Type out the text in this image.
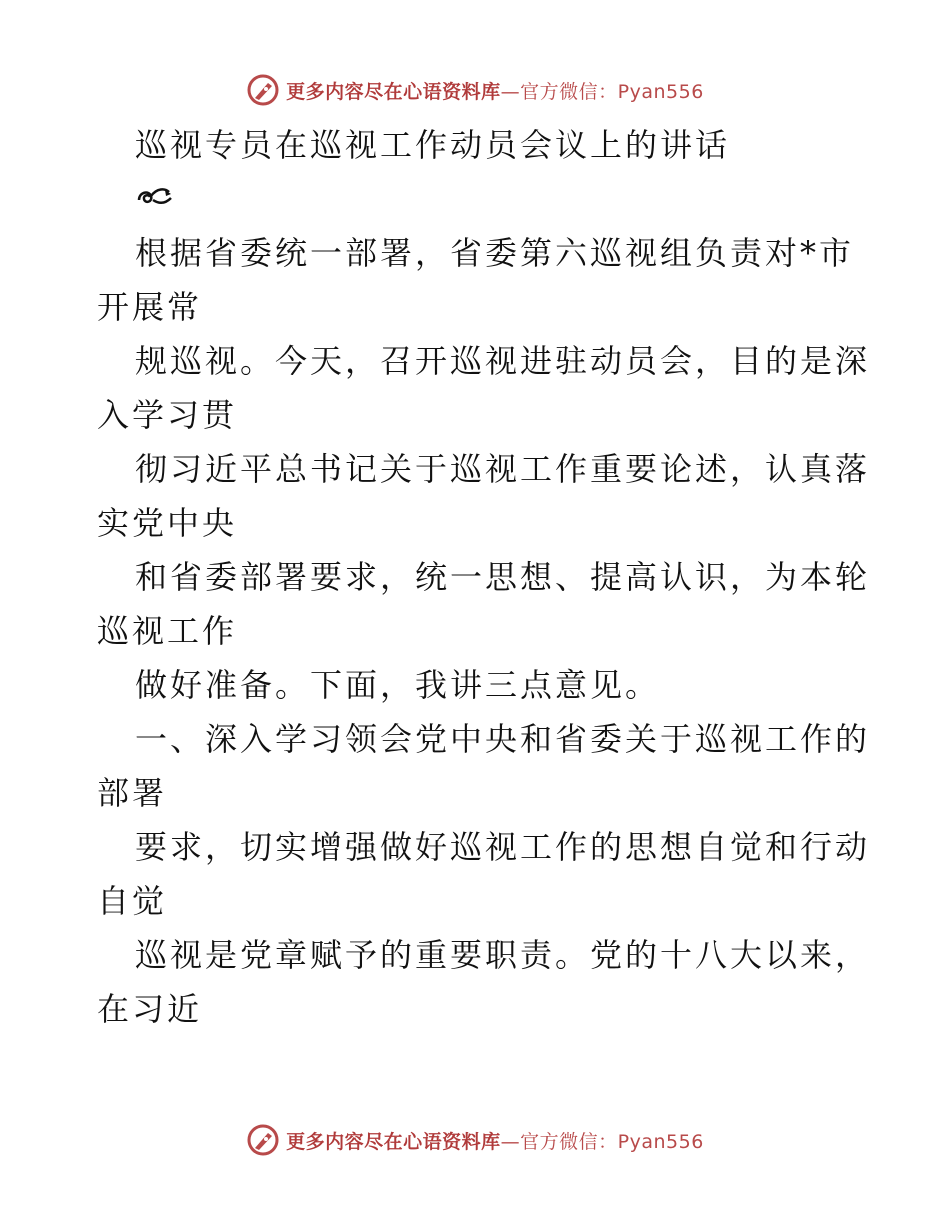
更多内容尽在心语资料库—官方微信：Pyan556
巡视专员在巡视工作动员会议上的讲话
根据省委统一部署，省委第六巡视组负责对*市
开展常
规巡视。今天，召开巡视进驻动员会，目的是深
入学习贯
彻习近平总书记关于巡视工作重要论述，认真落
实党中央
和省委部署要求，统一思想、提高认识，为本轮
巡视工作
做好准备。下面，我讲三点意见。
一、深入学习领会党中央和省委关于巡视工作的
部署
要求，切实增强做好巡视工作的思想自觉和行动
自觉
巡视是党章赋予的重要职责。党的十八大以来，
在习近
更多内容尽在心语资料库—官方微信：Pyan556
